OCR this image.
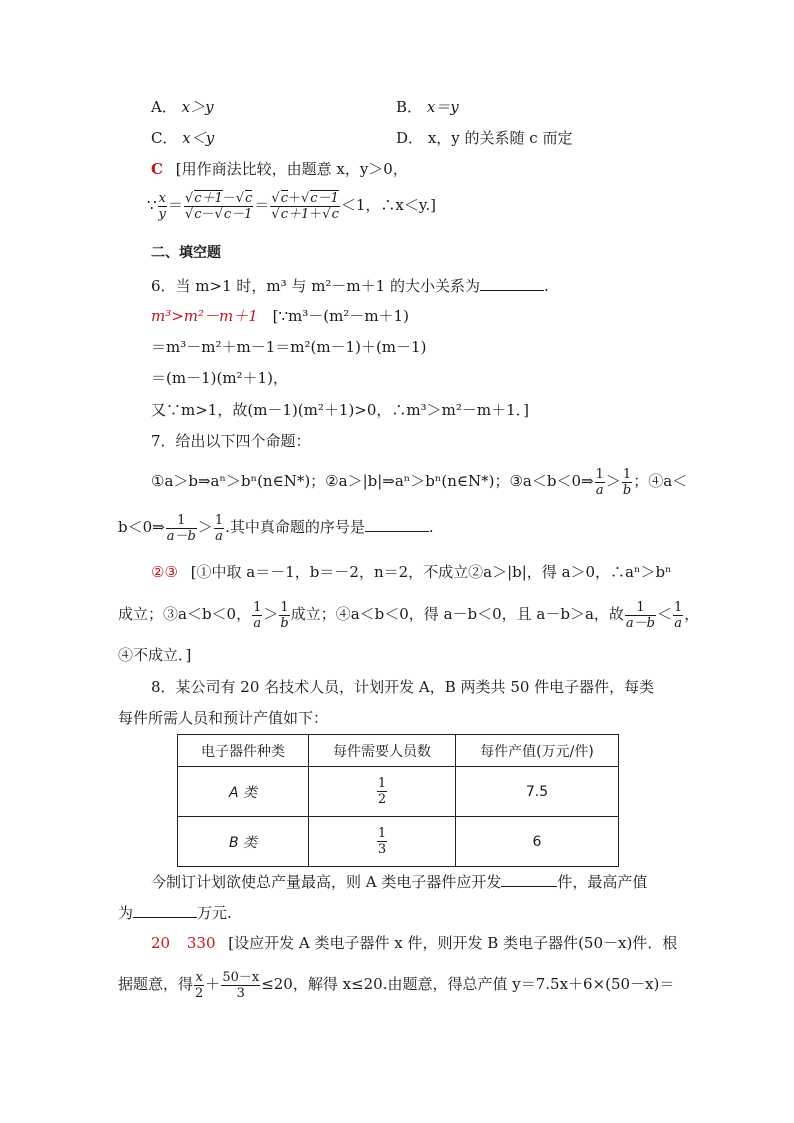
A． x＞y	B． x＝y
C． x＜y	D． x，y 的关系随 c 而定
C [用作商法比较，由题意 x，y＞0，
∵ $\frac{x}{y} = \frac{√c+1-√c}{√c-√c-1} = \frac{√c+√c-1}{√c+1+√c} <1$，∴x＜y.]
二、填空题
6．当 m>1 时，m³ 与 m²－m＋1 的大小关系为	.
m³>m²－m＋1 [∵m³－(m²－m＋1)
＝m³－m²＋m－1＝m²(m－1)＋(m－1)
＝(m－1)(m²＋1)，
又∵m>1，故(m－1)(m²＋1)>0，∴m³＞m²－m＋1．]
7．给出以下四个命题：
①a＞b⇒aⁿ＞bⁿ(n∈N*)；②a＞|b|⇒aⁿ＞bⁿ(n∈N*)；③a＜b＜0⇒ $\frac{1}{a} > \frac{1}{b}$ ；④a＜
b＜0⇒ $\frac{1}{a-b} > \frac{1}{a}$ .其中真命题的序号是	.
②③ [①中取 a＝－1，b＝－2，n＝2，不成立②a＞|b|，得 a＞0，∴aⁿ＞bⁿ
成立；③a＜b＜0， $\frac{1}{a} > \frac{1}{b}$ 成立；④a＜b＜0，得 a－b＜0，且 a－b＞a，故 $\frac{1}{a-b} < \frac{1}{a}$ ，
④不成立．]
8．某公司有 20 名技术人员，计划开发 A，B 两类共 50 件电子器件，每类
每件所需人员和预计产值如下：
电子器件种类	每件需要人员数	每件产值(万元/件)
A 类	$\frac{1}{2}$	7.5
B 类	$\frac{1}{3}$	6
今制订计划欲使总产量最高，则 A 类电子器件应开发	件，最高产值
为	万元.
20 330 [设应开发 A 类电子器件 x 件，则开发 B 类电子器件(50－x)件．根
据题意，得 $\frac{x}{2} + \frac{50-x}{3} \le 20$，解得 x≤20.由题意，得总产值 y＝7.5x＋6×(50－x)＝
